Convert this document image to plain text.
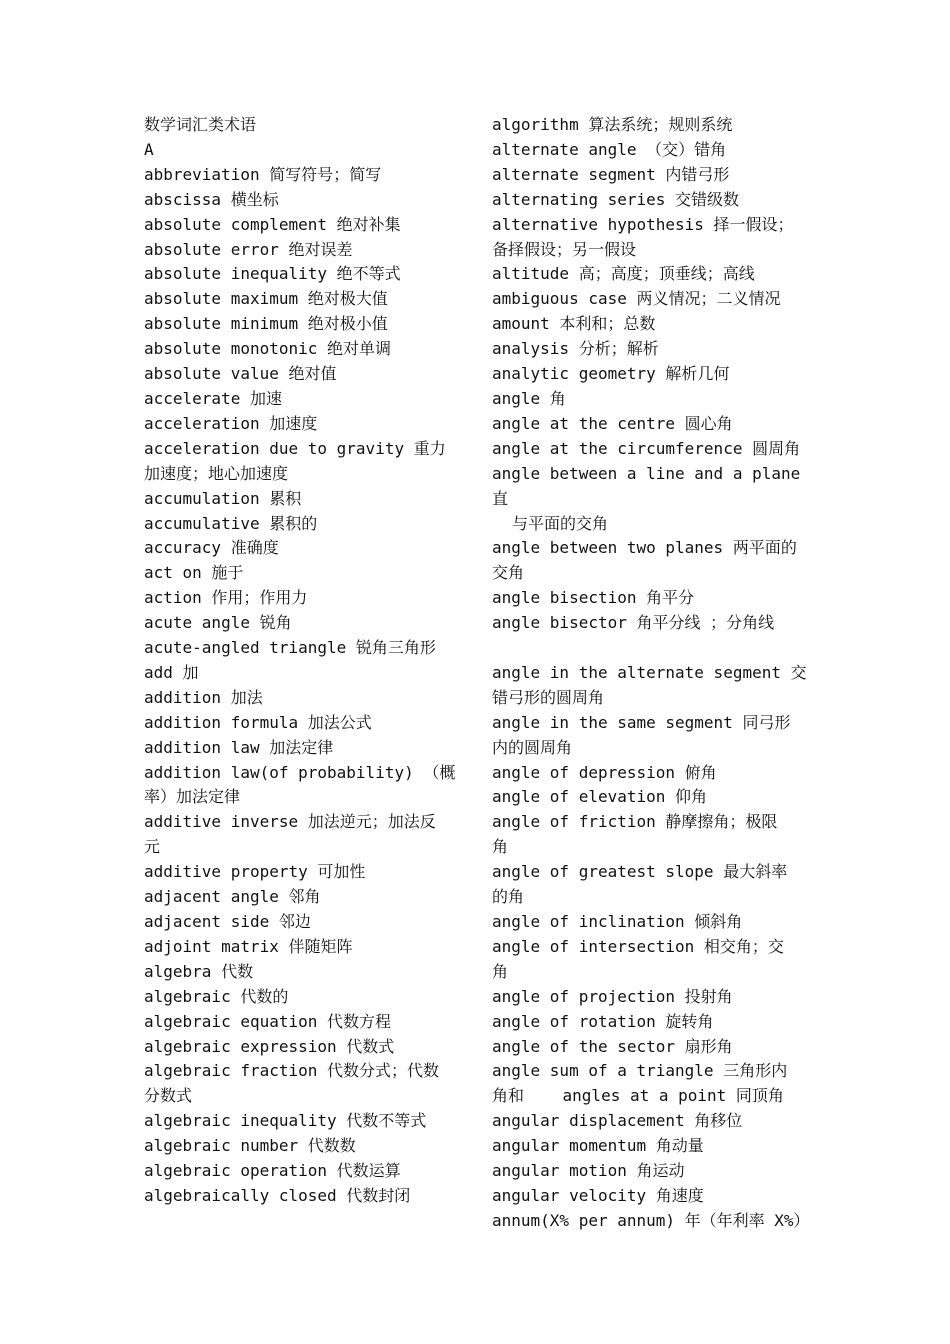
数学词汇类术语
A
abbreviation 简写符号；简写
abscissa 横坐标
absolute complement 绝对补集
absolute error 绝对误差
absolute inequality 绝不等式
absolute maximum 绝对极大值
absolute minimum 绝对极小值
absolute monotonic 绝对单调
absolute value 绝对值
accelerate 加速
acceleration 加速度
acceleration due to gravity 重力
加速度；地心加速度
accumulation 累积
accumulative 累积的
accuracy 准确度
act on 施于
action 作用；作用力
acute angle 锐角
acute-angled triangle 锐角三角形
add 加
addition 加法
addition formula 加法公式
addition law 加法定律
addition law(of probability) （概
率）加法定律
additive inverse 加法逆元；加法反
元
additive property 可加性
adjacent angle 邻角
adjacent side 邻边
adjoint matrix 伴随矩阵
algebra 代数
algebraic 代数的
algebraic equation 代数方程
algebraic expression 代数式
algebraic fraction 代数分式；代数
分数式
algebraic inequality 代数不等式
algebraic number 代数数
algebraic operation 代数运算
algebraically closed 代数封闭
algorithm 算法系统；规则系统
alternate angle （交）错角
alternate segment 内错弓形
alternating series 交错级数
alternative hypothesis 择一假设；
备择假设；另一假设
altitude 高；高度；顶垂线；高线
ambiguous case 两义情况；二义情况
amount 本利和；总数
analysis 分析；解析
analytic geometry 解析几何
angle 角
angle at the centre 圆心角
angle at the circumference 圆周角
angle between a line and a plane 直
与平面的交角
angle between two planes 两平面的
交角
angle bisection 角平分
angle bisector 角平分线 ；分角线
angle in the alternate segment 交
错弓形的圆周角
angle in the same segment 同弓形
内的圆周角
angle of depression 俯角
angle of elevation 仰角
angle of friction 静摩擦角；极限
角
angle of greatest slope 最大斜率
的角
angle of inclination 倾斜角
angle of intersection 相交角；交
角
angle of projection 投射角
angle of rotation 旋转角
angle of the sector 扇形角
angle sum of a triangle 三角形内
角和    angles at a point 同顶角
angular displacement 角移位
angular momentum 角动量
angular motion 角运动
angular velocity 角速度
annum(X% per annum) 年（年利率 X%）
